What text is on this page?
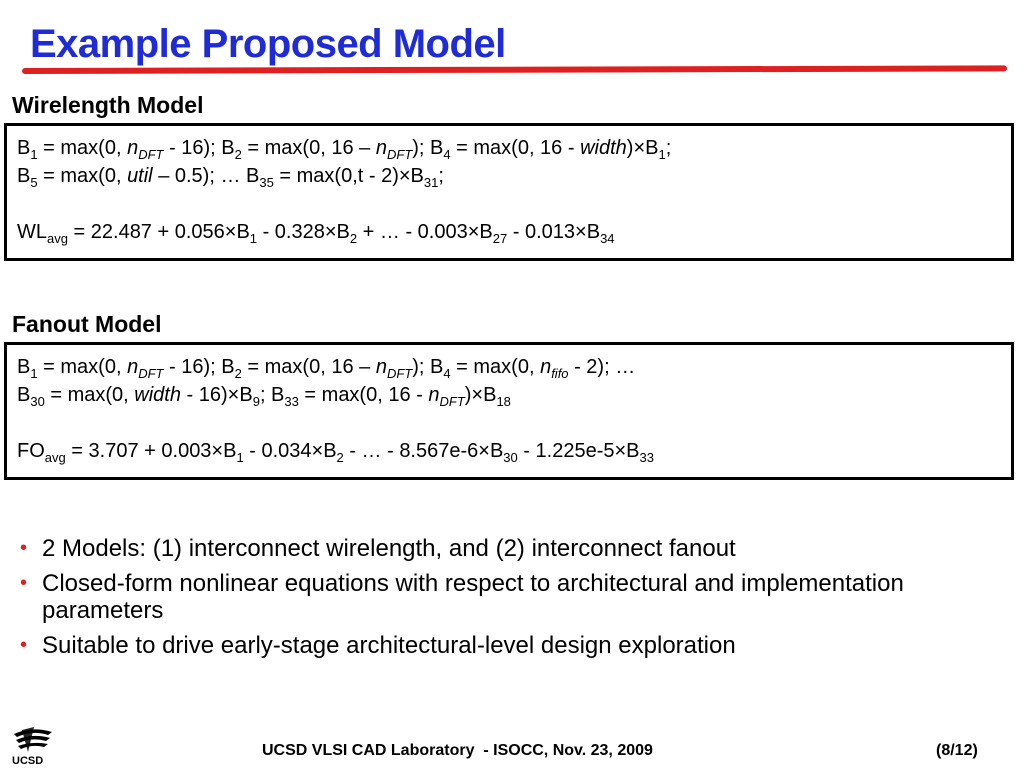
Example Proposed Model
Wirelength Model
$B_1 = \max(0$, $n_{DFT} - 16$); $B_2 = \max(0$, $16 - n_{DFT}$); $B_4 = \max(0$, $16 - width)\times B_1$;
$B_5 = \max(0$, util – 0.5); … $B_{35} = \max(0,t - 2)\times B_{31}$;
$WL_{avg} = 22.487 + 0.056\times B_1 - 0.328\times B_2$ + … - $0.003\times B_{27} - 0.013\times B_{34}$
Fanout Model
$B_1 = \max(0$, $n_{DFT} - 16$); $B_2 = \max(0$, $16 - n_{DFT}$); $B_4 = \max(0$, $n_{fifo} - 2$); …
$B_{30} = \max(0$, width - $16)\times B_9$; $B_{33} = \max(0$, $16 - n_{DFT})\times B_{18}$
$FO_{avg} = 3.707 + 0.003\times B_1 - 0.034\times B_2$ - … - $8.567e-6\times B_{30} - 1.225e-5\times B_{33}$
• 2 Models: (1) interconnect wirelength, and (2) interconnect fanout
• Closed-form nonlinear equations with respect to architectural and implementation parameters
• Suitable to drive early-stage architectural-level design exploration
UCSD
UCSD VLSI CAD Laboratory  - ISOCC, Nov. 23, 2009	(8/12)
